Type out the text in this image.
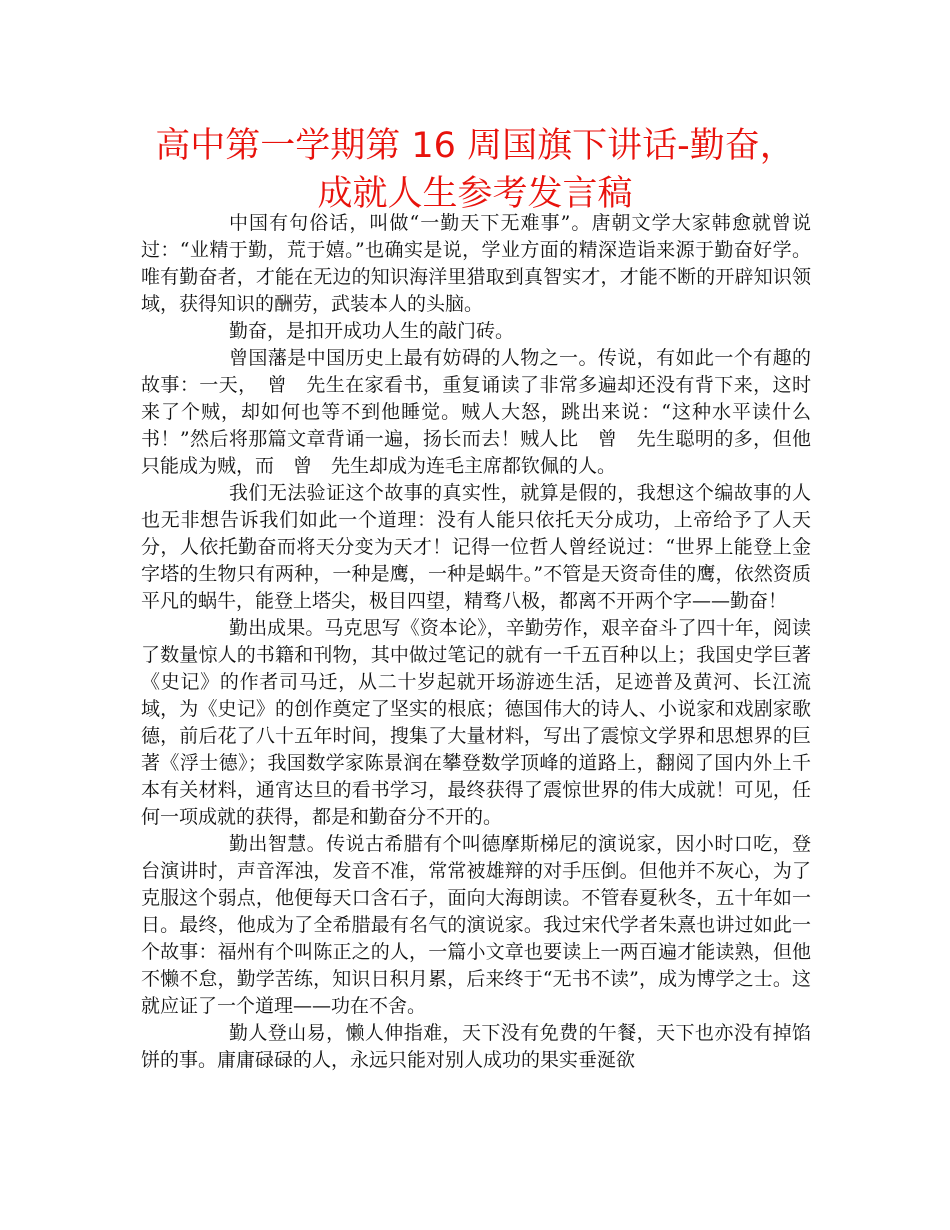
高中第一学期第 16 周国旗下讲话-勤奋，
成就人生参考发言稿

中国有句俗话，叫做“一勤天下无难事”。唐朝文学大家韩愈就曾说过：“业精于勤，荒于嬉。”也确实是说，学业方面的精深造诣来源于勤奋好学。唯有勤奋者，才能在无边的知识海洋里猎取到真智实才，才能不断的开辟知识领域，获得知识的酬劳，武装本人的头脑。

勤奋，是扣开成功人生的敲门砖。

曾国藩是中国历史上最有妨碍的人物之一。传说，有如此一个有趣的故事：一天，　曾　先生在家看书，重复诵读了非常多遍却还没有背下来，这时来了个贼，却如何也等不到他睡觉。贼人大怒，跳出来说：“这种水平读什么书！”然后将那篇文章背诵一遍，扬长而去！贼人比　曾　先生聪明的多，但他只能成为贼，而　曾　先生却成为连毛主席都钦佩的人。

我们无法验证这个故事的真实性，就算是假的，我想这个编故事的人也无非想告诉我们如此一个道理：没有人能只依托天分成功，上帝给予了人天分，人依托勤奋而将天分变为天才！记得一位哲人曾经说过：“世界上能登上金字塔的生物只有两种，一种是鹰，一种是蜗牛。”不管是天资奇佳的鹰，依然资质平凡的蜗牛，能登上塔尖，极目四望，精骛八极，都离不开两个字——勤奋！

勤出成果。马克思写《资本论》，辛勤劳作，艰辛奋斗了四十年，阅读了数量惊人的书籍和刊物，其中做过笔记的就有一千五百种以上；我国史学巨著《史记》的作者司马迁，从二十岁起就开场游迹生活，足迹普及黄河、长江流域，为《史记》的创作奠定了坚实的根底；德国伟大的诗人、小说家和戏剧家歌德，前后花了八十五年时间，搜集了大量材料，写出了震惊文学界和思想界的巨著《浮士德》；我国数学家陈景润在攀登数学顶峰的道路上，翻阅了国内外上千本有关材料，通宵达旦的看书学习，最终获得了震惊世界的伟大成就！可见，任何一项成就的获得，都是和勤奋分不开的。

勤出智慧。传说古希腊有个叫德摩斯梯尼的演说家，因小时口吃，登台演讲时，声音浑浊，发音不准，常常被雄辩的对手压倒。但他并不灰心，为了克服这个弱点，他便每天口含石子，面向大海朗读。不管春夏秋冬，五十年如一日。最终，他成为了全希腊最有名气的演说家。我过宋代学者朱熹也讲过如此一个故事：福州有个叫陈正之的人，一篇小文章也要读上一两百遍才能读熟，但他不懒不怠，勤学苦练，知识日积月累，后来终于“无书不读”，成为博学之士。这就应证了一个道理——功在不舍。

勤人登山易，懒人伸指难，天下没有免费的午餐，天下也亦没有掉馅饼的事。庸庸碌碌的人，永远只能对别人成功的果实垂涎欲
